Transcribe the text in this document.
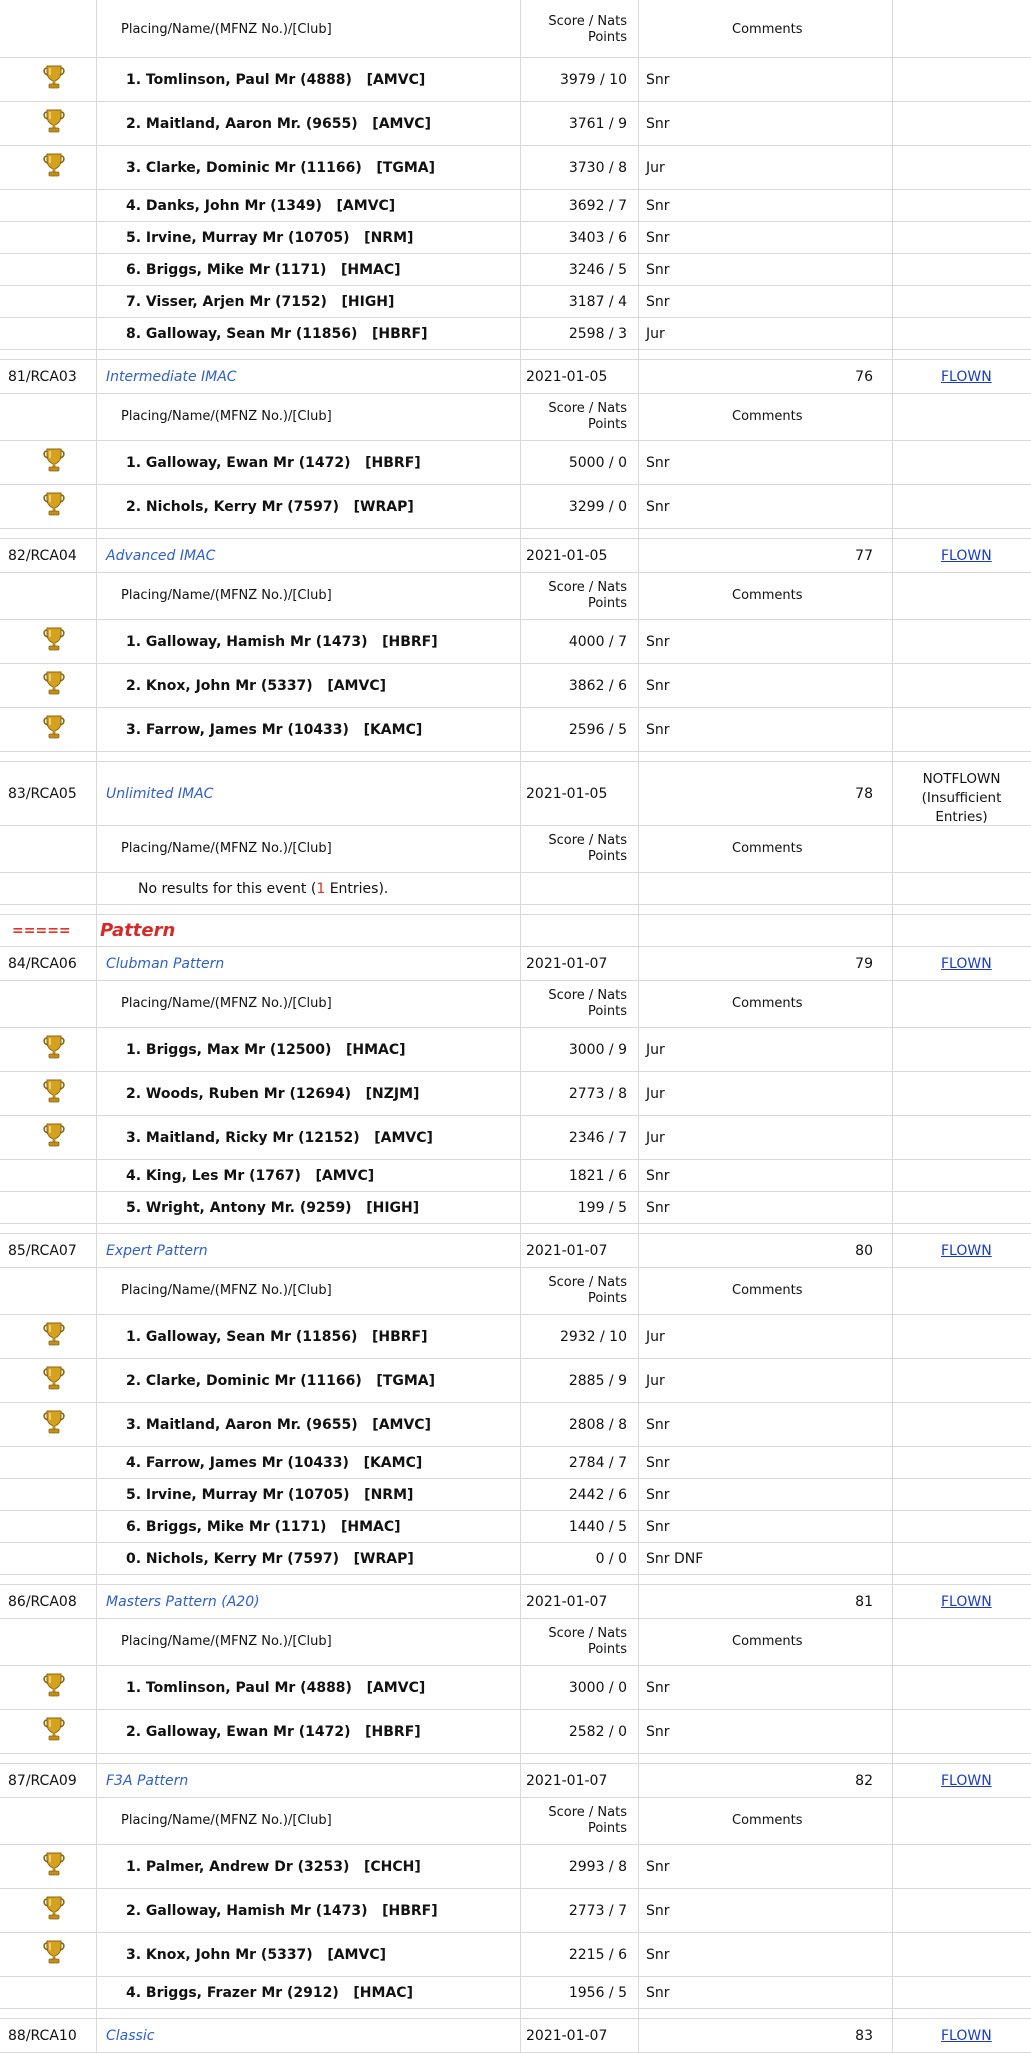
Placing/Name/(MFNZ No.)/[Club]
Score / Nats
Points
Comments
1. Tomlinson, Paul Mr (4888)   [AMVC]	3979 / 10 Snr
2. Maitland, Aaron Mr. (9655)   [AMVC]	3761 / 9 Snr
3. Clarke, Dominic Mr (11166)   [TGMA]	3730 / 8 Jur
4. Danks, John Mr (1349)   [AMVC]	3692 / 7 Snr
5. Irvine, Murray Mr (10705)   [NRM]	3403 / 6 Snr
6. Briggs, Mike Mr (1171)   [HMAC]	3246 / 5 Snr
7. Visser, Arjen Mr (7152)   [HIGH]	3187 / 4 Snr
8. Galloway, Sean Mr (11856)   [HBRF]	2598 / 3 Jur
81/RCA03 Intermediate IMAC	2021-01-05	76	FLOWN
Placing/Name/(MFNZ No.)/[Club]
Score / Nats
Points
Comments
1. Galloway, Ewan Mr (1472)   [HBRF]	5000 / 0 Snr
2. Nichols, Kerry Mr (7597)   [WRAP]	3299 / 0 Snr
82/RCA04 Advanced IMAC	2021-01-05	77	FLOWN
Placing/Name/(MFNZ No.)/[Club]
Score / Nats
Points
Comments
1. Galloway, Hamish Mr (1473)   [HBRF]	4000 / 7 Snr
2. Knox, John Mr (5337)   [AMVC]	3862 / 6 Snr
3. Farrow, James Mr (10433)   [KAMC]	2596 / 5 Snr
83/RCA05 Unlimited IMAC	2021-01-05	78
NOTFLOWN
(Insufficient
Entries)
Placing/Name/(MFNZ No.)/[Club]
Score / Nats
Points
Comments
No results for this event (1 Entries).
===== Pattern
84/RCA06 Clubman Pattern	2021-01-07	79	FLOWN
Placing/Name/(MFNZ No.)/[Club]
Score / Nats
Points
Comments
1. Briggs, Max Mr (12500)   [HMAC]	3000 / 9 Jur
2. Woods, Ruben Mr (12694)   [NZJM]	2773 / 8 Jur
3. Maitland, Ricky Mr (12152)   [AMVC]	2346 / 7 Jur
4. King, Les Mr (1767)   [AMVC]	1821 / 6 Snr
5. Wright, Antony Mr. (9259)   [HIGH]	199 / 5 Snr
85/RCA07 Expert Pattern	2021-01-07	80	FLOWN
Placing/Name/(MFNZ No.)/[Club]
Score / Nats
Points
Comments
1. Galloway, Sean Mr (11856)   [HBRF]	2932 / 10 Jur
2. Clarke, Dominic Mr (11166)   [TGMA]	2885 / 9 Jur
3. Maitland, Aaron Mr. (9655)   [AMVC]	2808 / 8 Snr
4. Farrow, James Mr (10433)   [KAMC]	2784 / 7 Snr
5. Irvine, Murray Mr (10705)   [NRM]	2442 / 6 Snr
6. Briggs, Mike Mr (1171)   [HMAC]	1440 / 5 Snr
0. Nichols, Kerry Mr (7597)   [WRAP]	0 / 0 Snr DNF
86/RCA08 Masters Pattern (A20)	2021-01-07	81	FLOWN
Placing/Name/(MFNZ No.)/[Club]
Score / Nats
Points
Comments
1. Tomlinson, Paul Mr (4888)   [AMVC]	3000 / 0 Snr
2. Galloway, Ewan Mr (1472)   [HBRF]	2582 / 0 Snr
87/RCA09 F3A Pattern	2021-01-07	82	FLOWN
Placing/Name/(MFNZ No.)/[Club]
Score / Nats
Points
Comments
1. Palmer, Andrew Dr (3253)   [CHCH]	2993 / 8 Snr
2. Galloway, Hamish Mr (1473)   [HBRF]	2773 / 7 Snr
3. Knox, John Mr (5337)   [AMVC]	2215 / 6 Snr
4. Briggs, Frazer Mr (2912)   [HMAC]	1956 / 5 Snr
88/RCA10 Classic	2021-01-07	83	FLOWN
